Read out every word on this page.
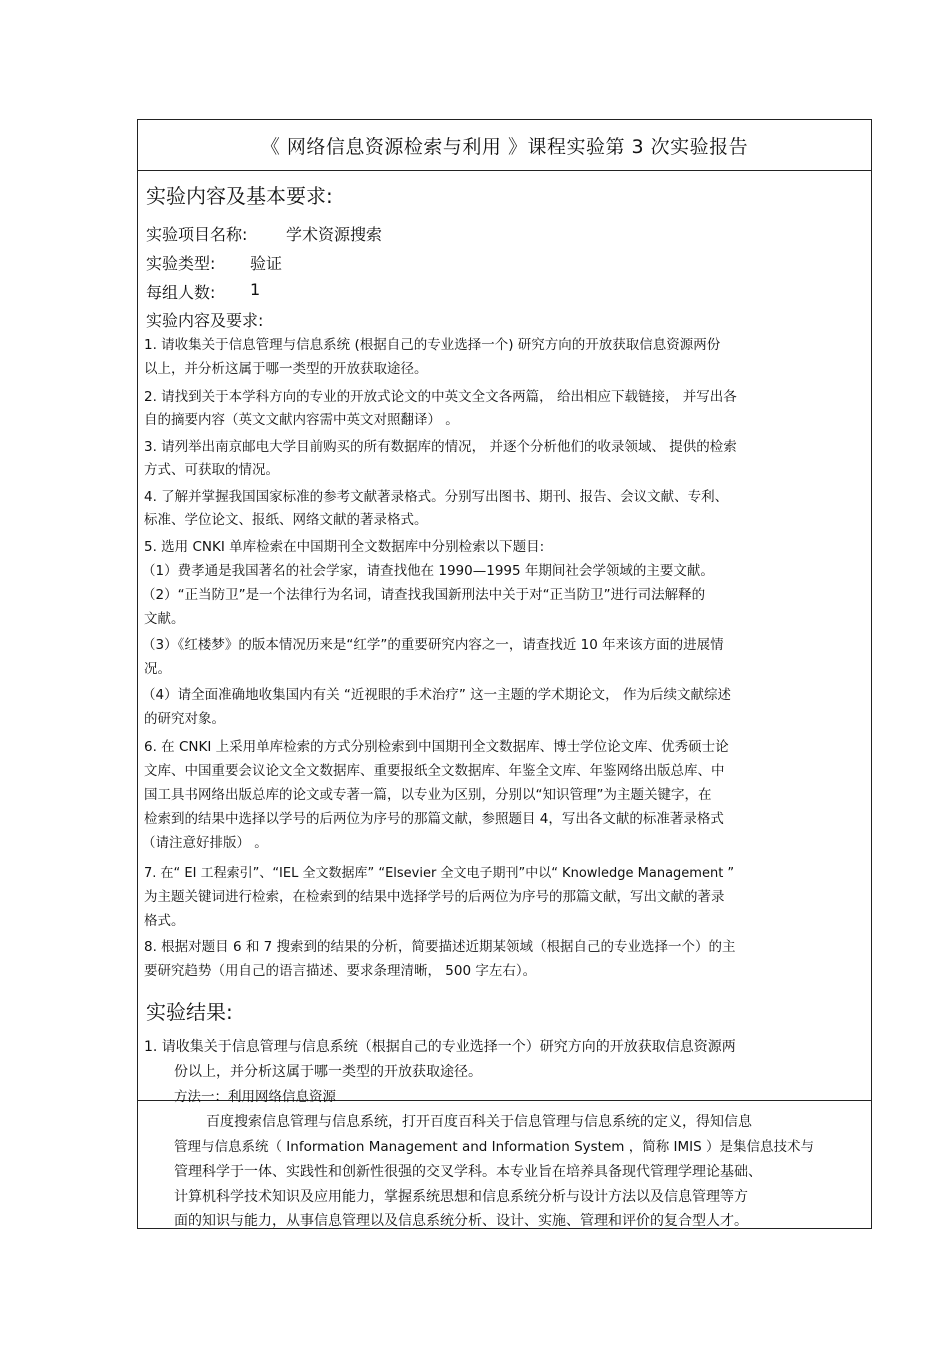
《 网络信息资源检索与利用 》课程实验第 3 次实验报告
实验内容及基本要求:
实验项目名称: 学术资源搜索
实验类型: 验证
每组人数: 1
实验内容及要求:
1. 请收集关于信息管理与信息系统 (根据自己的专业选择一个) 研究方向的开放获取信息资源两份
以上，并分析这属于哪一类型的开放获取途径。
2. 请找到关于本学科方向的专业的开放式论文的中英文全文各两篇， 给出相应下载链接， 并写出各
自的摘要内容（英文文献内容需中英文对照翻译） 。
3. 请列举出南京邮电大学目前购买的所有数据库的情况， 并逐个分析他们的收录领域、 提供的检索
方式、可获取的情况。
4. 了解并掌握我国国家标准的参考文献著录格式。分别写出图书、期刊、报告、会议文献、专利、
标准、学位论文、报纸、网络文献的著录格式。
5. 选用 CNKI 单库检索在中国期刊全文数据库中分别检索以下题目:
（1）费孝通是我国著名的社会学家，请查找他在 1990—1995 年期间社会学领域的主要文献。
（2）“正当防卫”是一个法律行为名词，请查找我国新刑法中关于对“正当防卫”进行司法解释的
文献。
（3）《红楼梦》的版本情况历来是“红学”的重要研究内容之一，请查找近 10 年来该方面的进展情
况。
（4）请全面准确地收集国内有关 “近视眼的手术治疗” 这一主题的学术期论文， 作为后续文献综述
的研究对象。
6. 在 CNKI 上采用单库检索的方式分别检索到中国期刊全文数据库、博士学位论文库、优秀硕士论
文库、中国重要会议论文全文数据库、重要报纸全文数据库、年鉴全文库、年鉴网络出版总库、中
国工具书网络出版总库的论文或专著一篇，以专业为区别，分别以“知识管理”为主题关键字，在
检索到的结果中选择以学号的后两位为序号的那篇文献，参照题目 4，写出各文献的标准著录格式
（请注意好排版） 。
7. 在“ EI 工程索引”、“IEL 全文数据库” “Elsevier 全文电子期刊”中以“ Knowledge Management ”
为主题关键词进行检索，在检索到的结果中选择学号的后两位为序号的那篇文献，写出文献的著录
格式。
8. 根据对题目 6 和 7 搜索到的结果的分析，简要描述近期某领域（根据自己的专业选择一个）的主
要研究趋势（用自己的语言描述、要求条理清晰， 500 字左右）。
实验结果:
1. 请收集关于信息管理与信息系统（根据自己的专业选择一个）研究方向的开放获取信息资源两
份以上，并分析这属于哪一类型的开放获取途径。
方法一：利用网络信息资源
百度搜索信息管理与信息系统，打开百度百科关于信息管理与信息系统的定义，得知信息
管理与信息系统（ Information Management and Information System ，简称 IMIS ）是集信息技术与
管理科学于一体、实践性和创新性很强的交叉学科。本专业旨在培养具备现代管理学理论基础、
计算机科学技术知识及应用能力，掌握系统思想和信息系统分析与设计方法以及信息管理等方
面的知识与能力，从事信息管理以及信息系统分析、设计、实施、管理和评价的复合型人才。
